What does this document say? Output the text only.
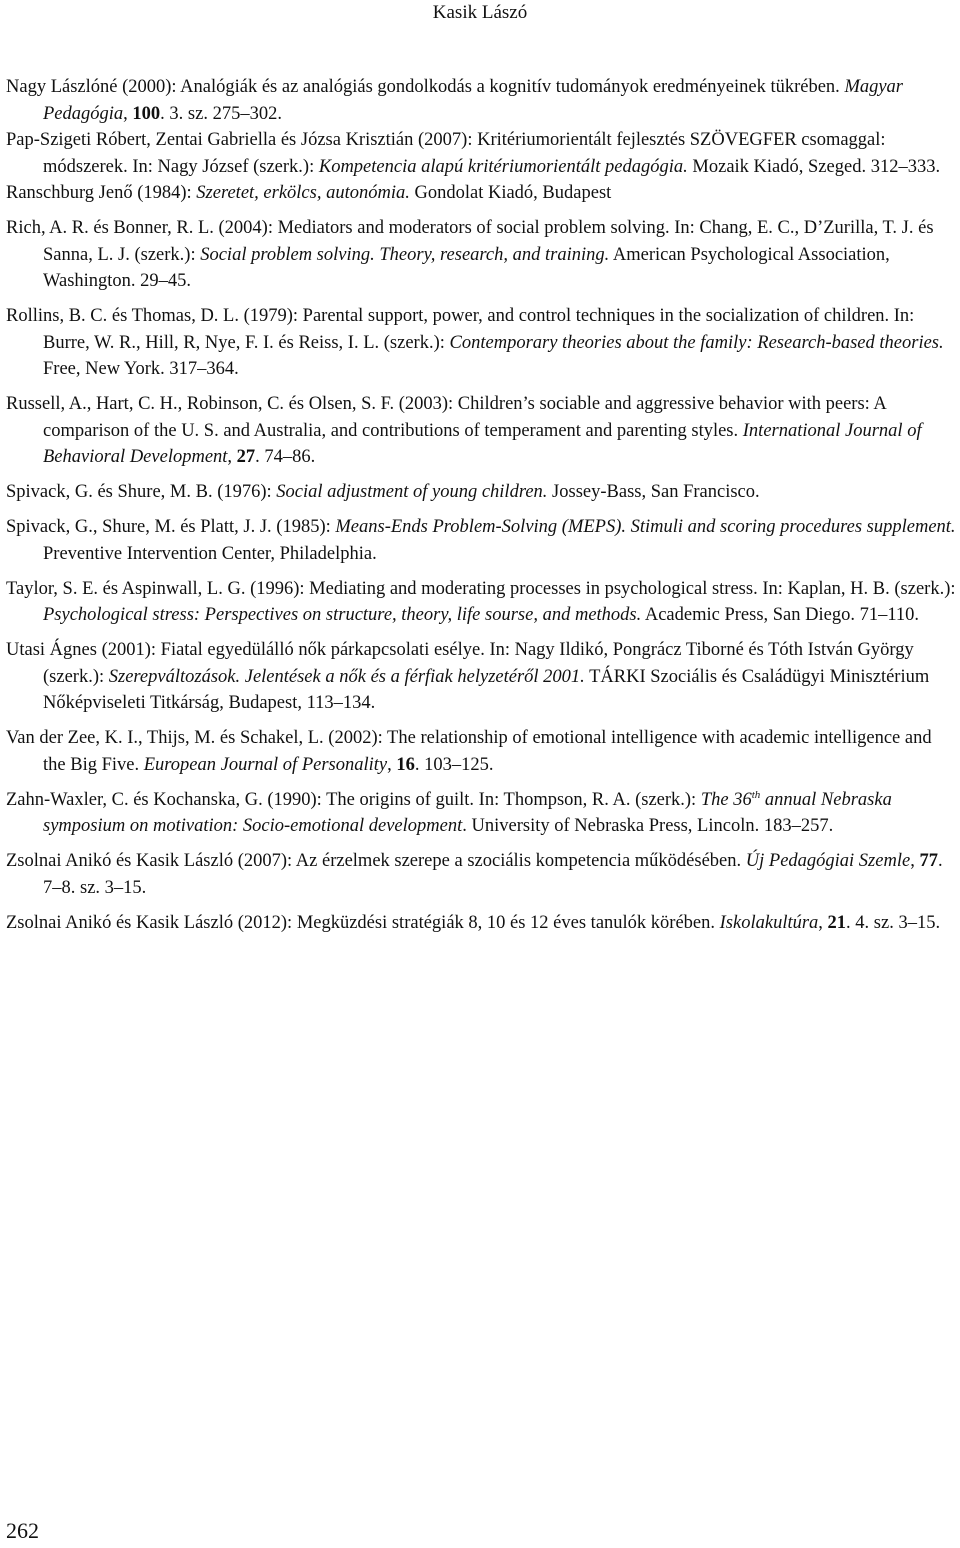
Kasik Lászó
Nagy Lászlóné (2000): Analógiák és az analógiás gondolkodás a kognitív tudományok eredményeinek tükrében. Magyar Pedagógia, 100. 3. sz. 275–302.
Pap-Szigeti Róbert, Zentai Gabriella és Józsa Krisztián (2007): Kritériumorientált fejlesztés SZÖVEGFER csomaggal: módszerek. In: Nagy József (szerk.): Kompetencia alapú kritériumorientált pedagógia. Mozaik Kiadó, Szeged. 312–333.
Ranschburg Jenő (1984): Szeretet, erkölcs, autonómia. Gondolat Kiadó, Budapest
Rich, A. R. és Bonner, R. L. (2004): Mediators and moderators of social problem solving. In: Chang, E. C., D’Zurilla, T. J. és Sanna, L. J. (szerk.): Social problem solving. Theory, research, and training. American Psychological Association, Washington. 29–45.
Rollins, B. C. és Thomas, D. L. (1979): Parental support, power, and control techniques in the socialization of children. In: Burre, W. R., Hill, R, Nye, F. I. és Reiss, I. L. (szerk.): Contemporary theories about the family: Research-based theories. Free, New York. 317–364.
Russell, A., Hart, C. H., Robinson, C. és Olsen, S. F. (2003): Children’s sociable and aggressive behavior with peers: A comparison of the U. S. and Australia, and contributions of temperament and parenting styles. International Journal of Behavioral Development, 27. 74–86.
Spivack, G. és Shure, M. B. (1976): Social adjustment of young children. Jossey-Bass, San Francisco.
Spivack, G., Shure, M. és Platt, J. J. (1985): Means-Ends Problem-Solving (MEPS). Stimuli and scoring procedures supplement. Preventive Intervention Center, Philadelphia.
Taylor, S. E. és Aspinwall, L. G. (1996): Mediating and moderating processes in psychological stress. In: Kaplan, H. B. (szerk.): Psychological stress: Perspectives on structure, theory, life sourse, and methods. Academic Press, San Diego. 71–110.
Utasi Ágnes (2001): Fiatal egyedülálló nők párkapcsolati esélye. In: Nagy Ildikó, Pongrácz Tiborné és Tóth István György (szerk.): Szerepváltozások. Jelentések a nők és a férfiak helyzetéről 2001. TÁRKI Szociális és Családügyi Minisztérium Nőképviseleti Titkárság, Budapest, 113–134.
Van der Zee, K. I., Thijs, M. és Schakel, L. (2002): The relationship of emotional intelligence with academic intelligence and the Big Five. European Journal of Personality, 16. 103–125.
Zahn-Waxler, C. és Kochanska, G. (1990): The origins of guilt. In: Thompson, R. A. (szerk.): The 36th annual Nebraska symposium on motivation: Socio-emotional development. University of Nebraska Press, Lincoln. 183–257.
Zsolnai Anikó és Kasik László (2007): Az érzelmek szerepe a szociális kompetencia működésében. Új Pedagógiai Szemle, 77. 7–8. sz. 3–15.
Zsolnai Anikó és Kasik László (2012): Megküzdési stratégiák 8, 10 és 12 éves tanulók körében. Iskolakultúra, 21. 4. sz. 3–15.
262
